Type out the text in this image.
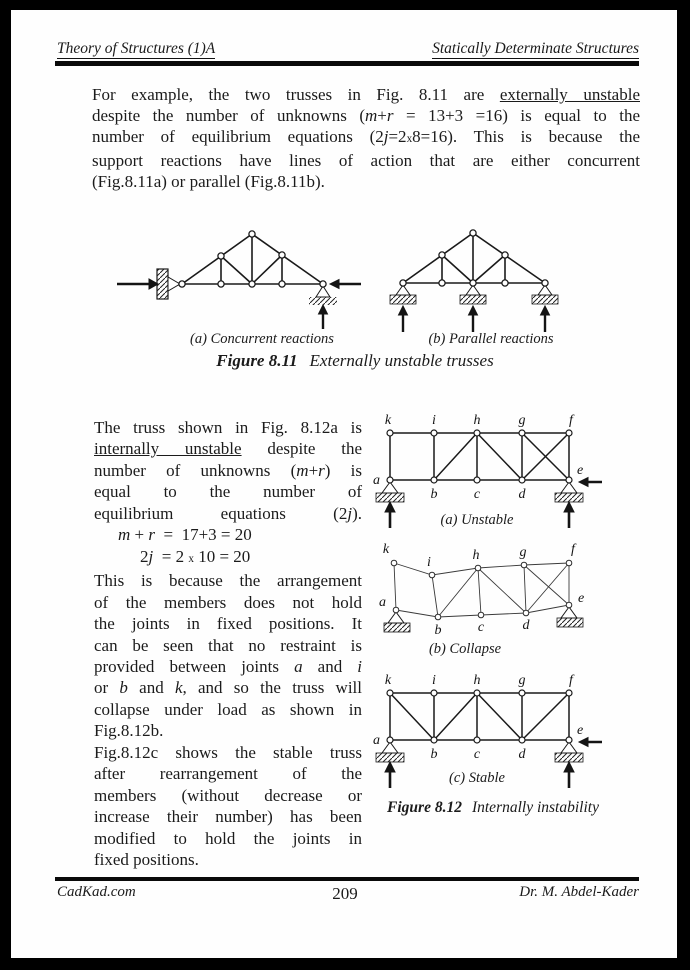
Theory of Structures (1)A	Statically Determinate Structures
For example, the two trusses in Fig. 8.11 are externally unstable
despite the number of unknowns (m+r = 13+3 =16) is equal to the
number of equilibrium equations (2j=2x8=16). This is because the
support reactions have lines of action that are either concurrent
(Fig.8.11a) or parallel (Fig.8.11b).
(a) Concurrent reactions	(b) Parallel reactions
Figure 8.11 Externally unstable trusses
The truss shown in Fig. 8.12a is
internally unstable despite the
number of unknowns (m+r) is
equal to the number of
equilibrium equations (2j).
m + r  =  17+3 = 20
2j  = 2 x 10 = 20
This is because the arrangement
of the members does not hold
the joints in fixed positions. It
can be seen that no restraint is
provided between joints a and i
or b and k, and so the truss will
collapse under load as shown in
Fig.8.12b.
Fig.8.12c shows the stable truss
after rearrangement of the
members (without decrease or
increase their number) has been
modified to hold the joints in
fixed positions.
k	i	h	g	f
a
b	c	d
e
(a) Unstable
k
i	h	g	f
a
b	c	d
e
(b) Collapse
k	i	h	g	f
a
b	c	d
e
(c) Stable
Figure 8.12 Internally instability
CadKad.com	209	Dr. M. Abdel-Kader
